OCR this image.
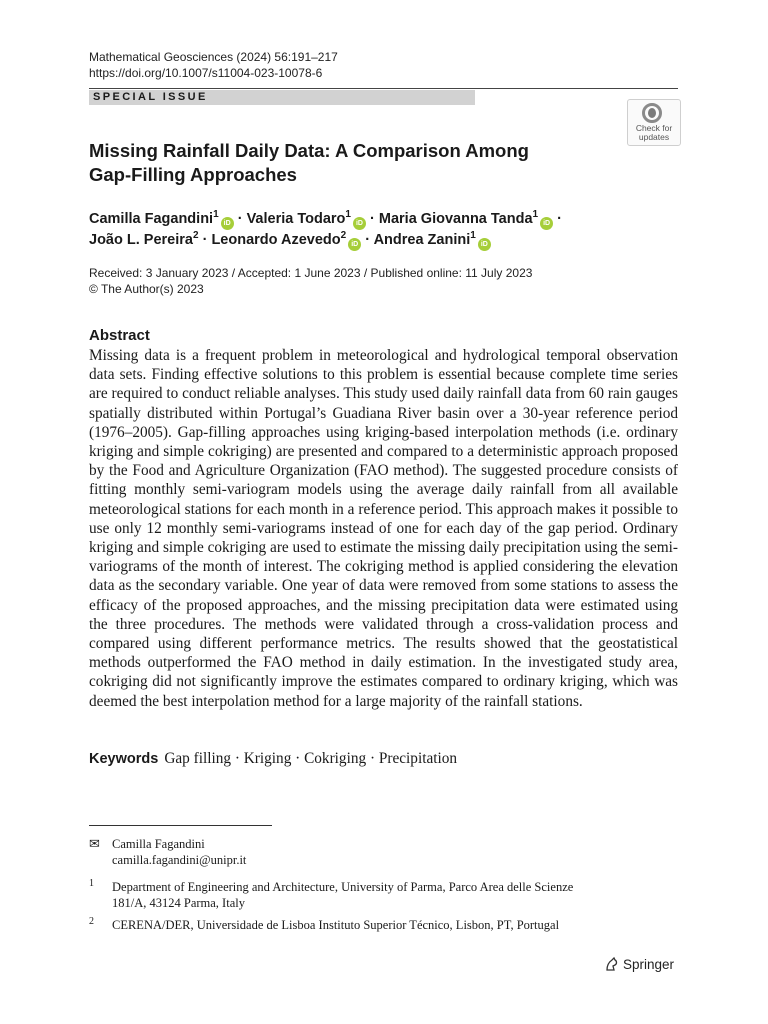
Mathematical Geosciences (2024) 56:191–217
https://doi.org/10.1007/s11004-023-10078-6
SPECIAL ISSUE
Check for
updates
Missing Rainfall Daily Data: A Comparison Among
Gap-Filling Approaches
Camilla Fagandini$^1$iD · Valeria Todaro$^1$iD · Maria Giovanna Tanda$^1$iD ·
João L. Pereira$^2$ · Leonardo Azevedo$^2$iD · Andrea Zanini$^1$iD
Received: 3 January 2023 / Accepted: 1 June 2023 / Published online: 11 July 2023
© The Author(s) 2023
Abstract

Missing data is a frequent problem in meteorological and hydrological temporal observation data sets. Finding effective solutions to this problem is essential because complete time series are required to conduct reliable analyses. This study used daily rainfall data from 60 rain gauges spatially distributed within Portugal’s Guadiana River basin over a 30-year reference period (1976–2005). Gap-filling approaches using kriging-based interpolation methods (i.e. ordinary kriging and simple cokriging) are presented and compared to a deterministic approach proposed by the Food and Agriculture Organization (FAO method). The suggested procedure consists of fitting monthly semi-variogram models using the average daily rainfall from all available meteorological stations for each month in a reference period. This approach makes it possible to use only 12 monthly semi-variograms instead of one for each day of the gap period. Ordinary kriging and simple cokriging are used to estimate the missing daily precipitation using the semi-variograms of the month of interest. The cokriging method is applied considering the elevation data as the secondary variable. One year of data were removed from some stations to assess the efficacy of the proposed approaches, and the missing precipitation data were estimated using the three procedures. The methods were validated through a cross-validation process and compared using different performance metrics. The results showed that the geostatistical methods outperformed the FAO method in daily estimation. In the investigated study area, cokriging did not significantly improve the estimates compared to ordinary kriging, which was deemed the best interpolation method for a large majority of the rainfall stations.

Keywords Gap filling · Kriging · Cokriging · Precipitation
✉ Camilla Fagandini
camilla.fagandini@unipr.it
1 Department of Engineering and Architecture, University of Parma, Parco Area delle Scienze
181/A, 43124 Parma, Italy
2 CERENA/DER, Universidade de Lisboa Instituto Superior Técnico, Lisbon, PT, Portugal
Springer
